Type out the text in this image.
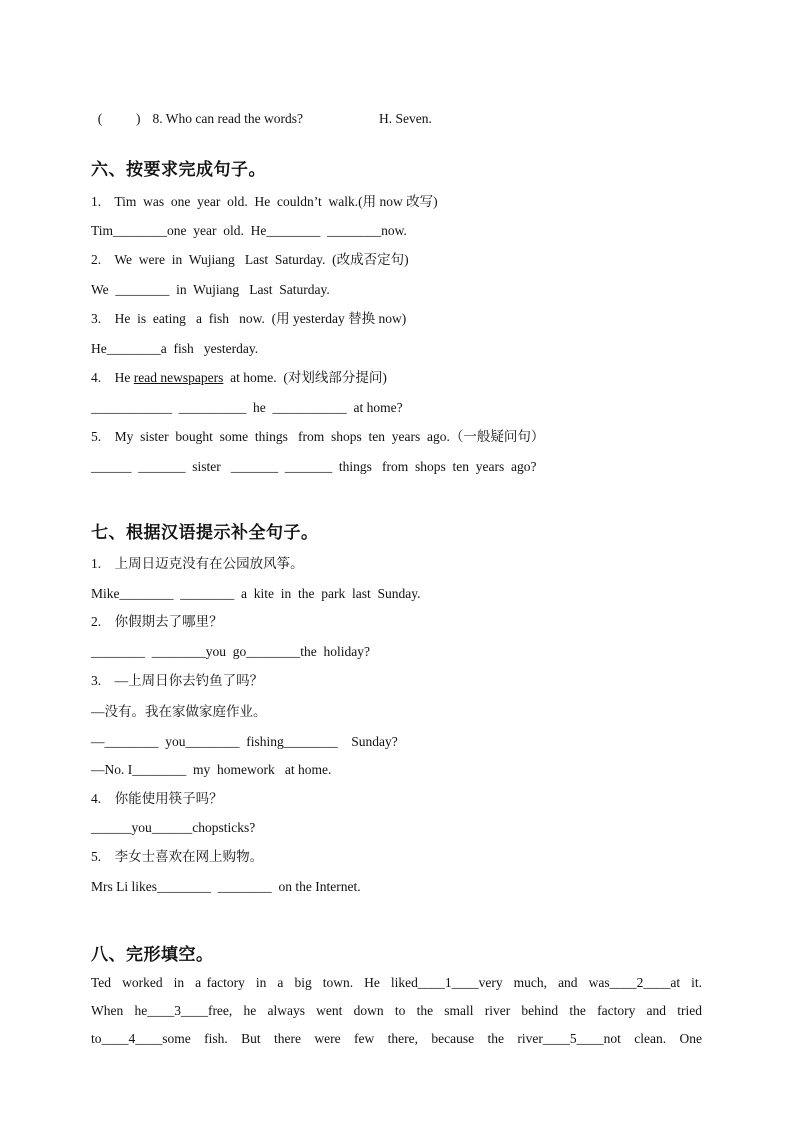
(          ) 8. Who can read the words?	H. Seven.

六、按要求完成句子。
1.    Tim  was  one  year  old.  He  couldn’t  walk.(用 now 改写)
Tim________one  year  old.  He________  ________now.
2.    We  were  in  Wujiang   Last  Saturday.  (改成否定句)
We  ________  in  Wujiang   Last  Saturday.
3.    He  is  eating   a  fish   now.  (用 yesterday 替换 now)
He________a  fish   yesterday.
4.    He read newspapers  at home.  (对划线部分提问)
____________  __________  he  ___________  at home?
5.    My  sister  bought  some  things   from  shops  ten  years  ago.（一般疑问句）
______  _______  sister   _______  _______  things   from  shops  ten  years  ago?
七、根据汉语提示补全句子。
1.    上周日迈克没有在公园放风筝。
Mike________  ________  a  kite  in  the  park  last  Sunday.
2.    你假期去了哪里？
________  ________you  go________the  holiday?
3.    —上周日你去钓鱼了吗？
—没有。我在家做家庭作业。
—________  you________  fishing________    Sunday?
—No. I________  my  homework   at home.
4.    你能使用筷子吗？
______you______chopsticks?
5.    李女士喜欢在网上购物。
Mrs Li likes________  ________  on the Internet.
八、完形填空。
Ted  worked  in  a factory  in  a  big  town.  He  liked____1____very  much,  and  was____2____at  it.
When  he____3____free,  he  always  went  down  to  the  small  river  behind  the  factory  and  tried
to____4____some  fish.  But  there  were  few  there,  because  the  river____5____not  clean.  One
